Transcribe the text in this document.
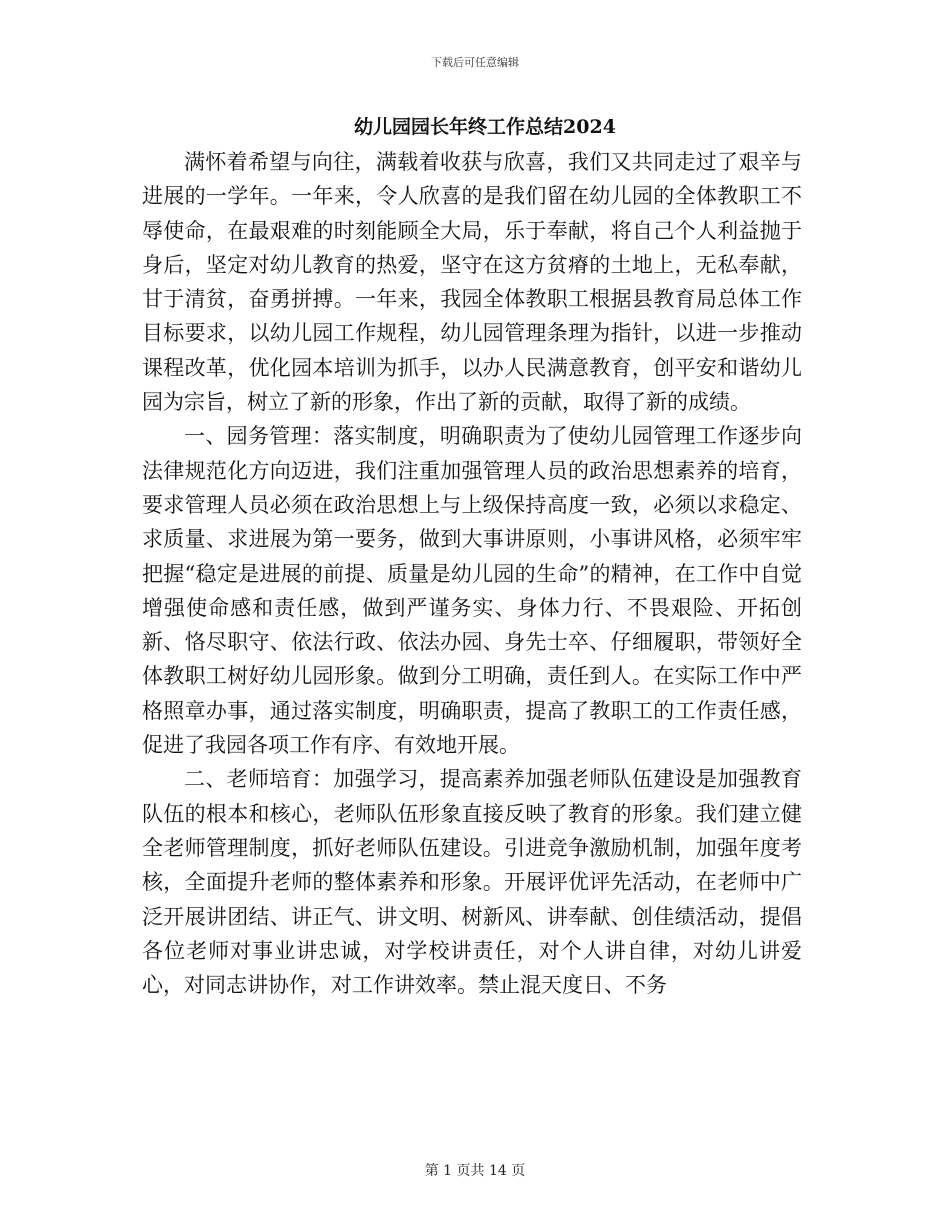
下载后可任意编辑
幼儿园园长年终工作总结2024

满怀着希望与向往，满载着收获与欣喜，我们又共同走过了艰辛与进展的一学年。一年来，令人欣喜的是我们留在幼儿园的全体教职工不辱使命，在最艰难的时刻能顾全大局，乐于奉献，将自己个人利益抛于身后，坚定对幼儿教育的热爱，坚守在这方贫瘠的土地上，无私奉献，甘于清贫，奋勇拼搏。一年来，我园全体教职工根据县教育局总体工作目标要求，以幼儿园工作规程，幼儿园管理条理为指针，以进一步推动课程改革，优化园本培训为抓手，以办人民满意教育，创平安和谐幼儿园为宗旨，树立了新的形象，作出了新的贡献，取得了新的成绩。

一、园务管理：落实制度，明确职责为了使幼儿园管理工作逐步向法律规范化方向迈进，我们注重加强管理人员的政治思想素养的培育，要求管理人员必须在政治思想上与上级保持高度一致，必须以求稳定、求质量、求进展为第一要务，做到大事讲原则，小事讲风格，必须牢牢把握“稳定是进展的前提、质量是幼儿园的生命”的精神，在工作中自觉增强使命感和责任感，做到严谨务实、身体力行、不畏艰险、开拓创新、恪尽职守、依法行政、依法办园、身先士卒、仔细履职，带领好全体教职工树好幼儿园形象。做到分工明确，责任到人。在实际工作中严格照章办事，通过落实制度，明确职责，提高了教职工的工作责任感，促进了我园各项工作有序、有效地开展。

二、老师培育：加强学习，提高素养加强老师队伍建设是加强教育队伍的根本和核心，老师队伍形象直接反映了教育的形象。我们建立健全老师管理制度，抓好老师队伍建设。引进竞争激励机制，加强年度考核，全面提升老师的整体素养和形象。开展评优评先活动，在老师中广泛开展讲团结、讲正气、讲文明、树新风、讲奉献、创佳绩活动，提倡各位老师对事业讲忠诚，对学校讲责任，对个人讲自律，对幼儿讲爱心，对同志讲协作，对工作讲效率。禁止混天度日、不务

第 1 页共 14 页
